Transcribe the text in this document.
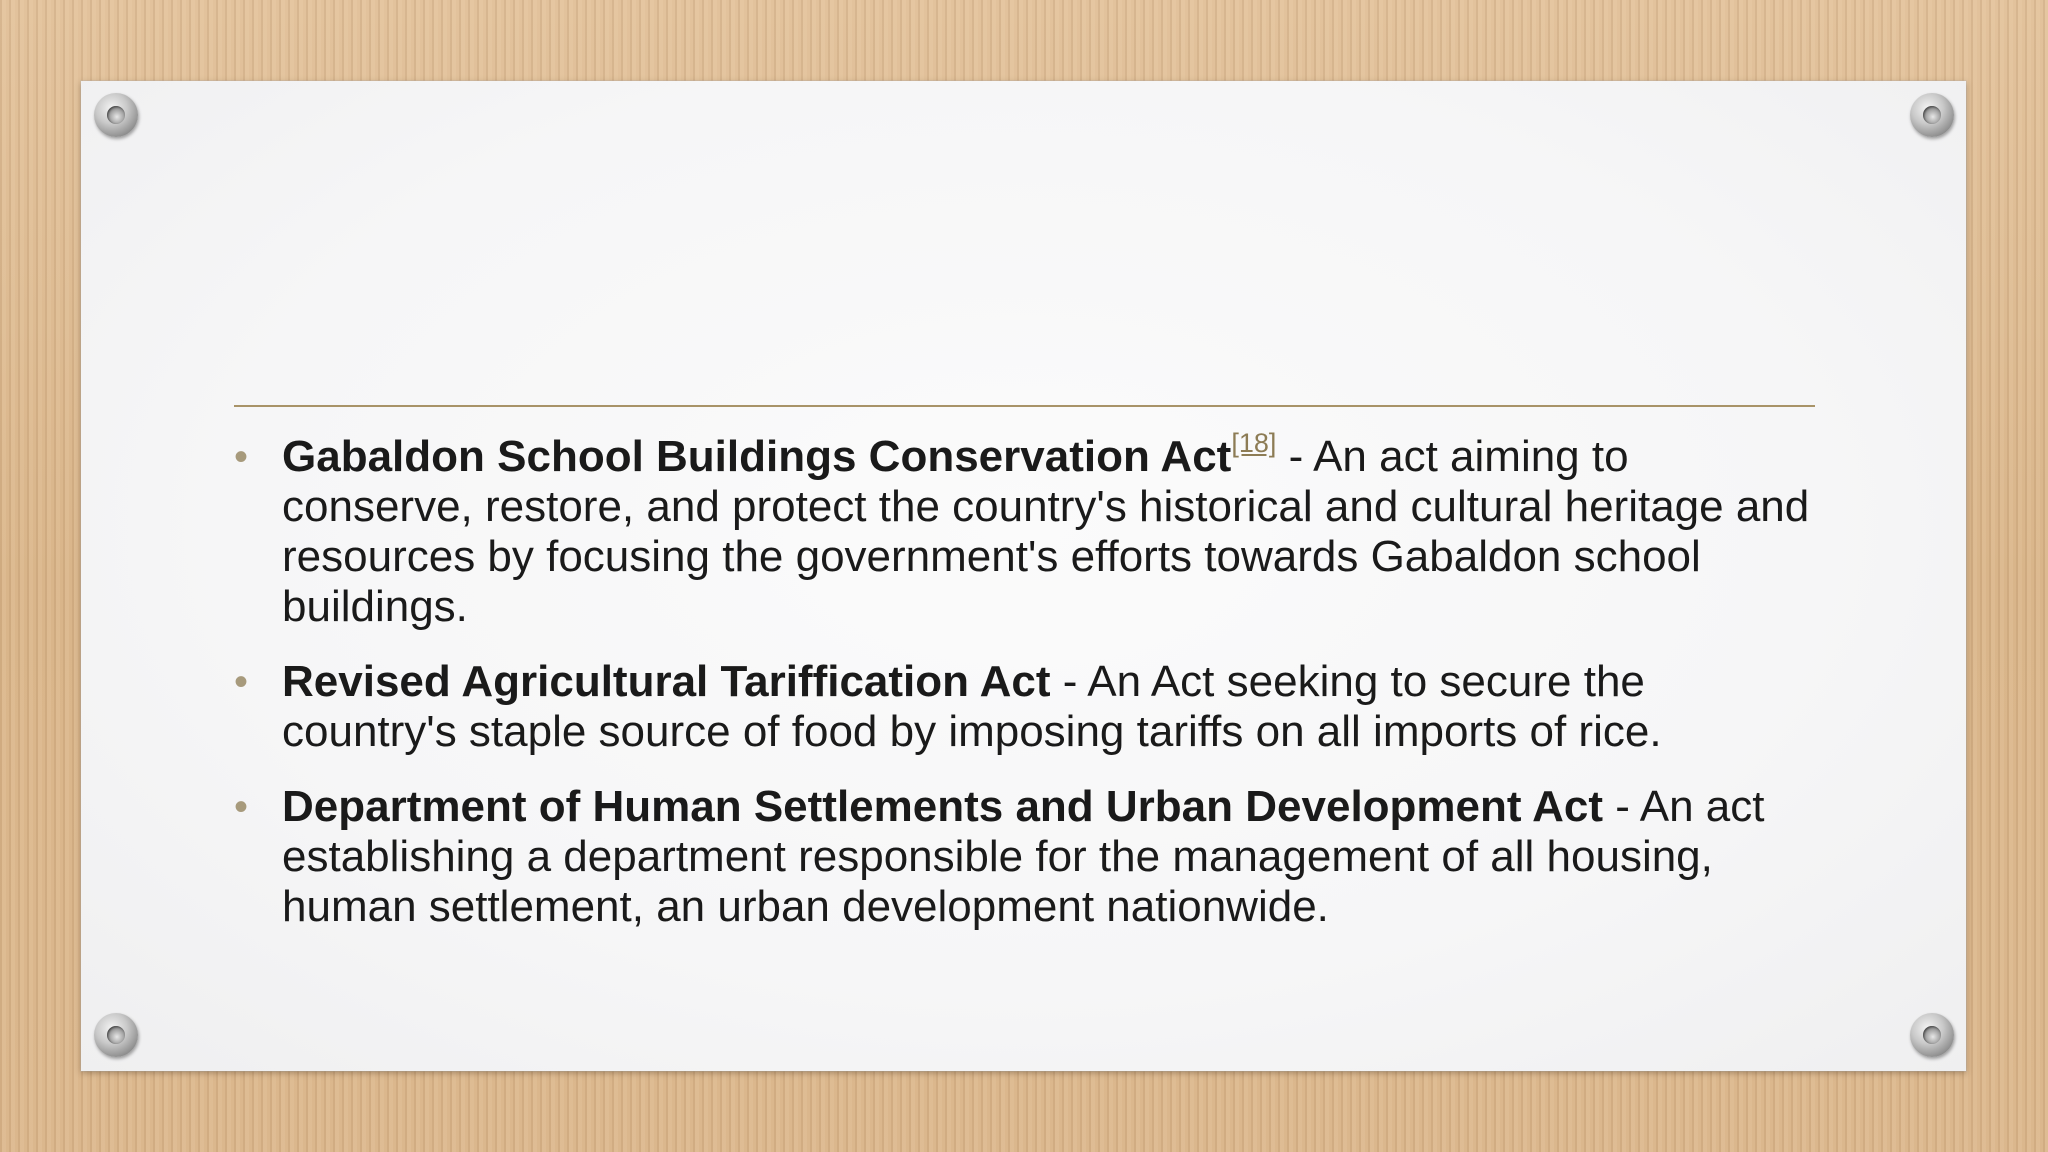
• Gabaldon School Buildings Conservation Act[18] - An act aiming to conserve, restore, and protect the country's historical and cultural heritage and resources by focusing the government's efforts towards Gabaldon school buildings.
• Revised Agricultural Tariffication Act - An Act seeking to secure the country's staple source of food by imposing tariffs on all imports of rice.
• Department of Human Settlements and Urban Development Act - An act establishing a department responsible for the management of all housing, human settlement, an urban development nationwide.
